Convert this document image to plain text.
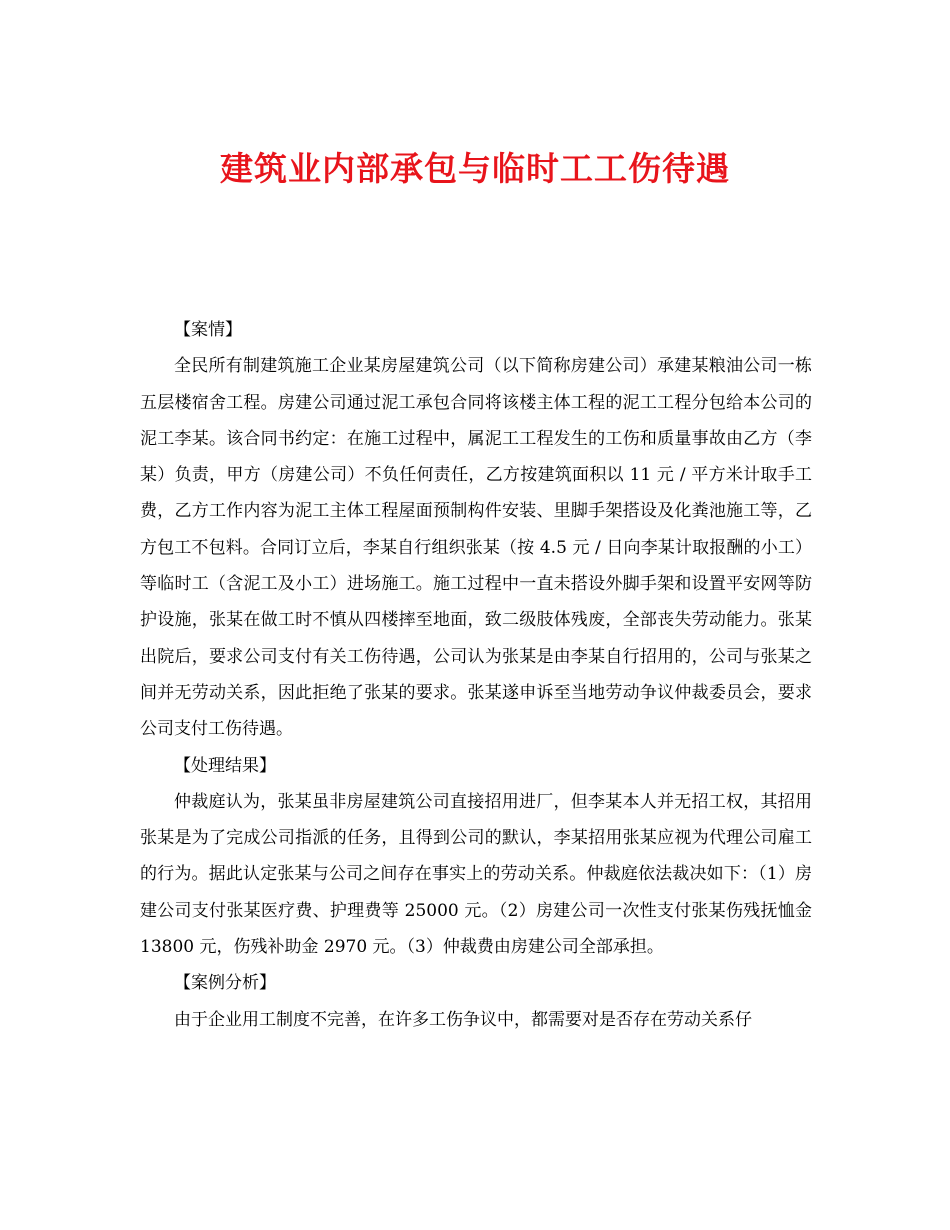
建筑业内部承包与临时工工伤待遇

【案情】

全民所有制建筑施工企业某房屋建筑公司（以下简称房建公司）承建某粮油公司一栋五层楼宿舍工程。房建公司通过泥工承包合同将该楼主体工程的泥工工程分包给本公司的泥工李某。该合同书约定：在施工过程中，属泥工工程发生的工伤和质量事故由乙方（李某）负责，甲方（房建公司）不负任何责任，乙方按建筑面积以 11 元 / 平方米计取手工费，乙方工作内容为泥工主体工程屋面预制构件安装、里脚手架搭设及化粪池施工等，乙方包工不包料。合同订立后，李某自行组织张某（按 4.5 元 / 日向李某计取报酬的小工）等临时工（含泥工及小工）进场施工。施工过程中一直未搭设外脚手架和设置平安网等防护设施，张某在做工时不慎从四楼摔至地面，致二级肢体残废，全部丧失劳动能力。张某出院后，要求公司支付有关工伤待遇，公司认为张某是由李某自行招用的，公司与张某之间并无劳动关系，因此拒绝了张某的要求。张某遂申诉至当地劳动争议仲裁委员会，要求公司支付工伤待遇。

【处理结果】

仲裁庭认为，张某虽非房屋建筑公司直接招用进厂，但李某本人并无招工权，其招用张某是为了完成公司指派的任务，且得到公司的默认，李某招用张某应视为代理公司雇工的行为。据此认定张某与公司之间存在事实上的劳动关系。仲裁庭依法裁决如下：（1）房建公司支付张某医疗费、护理费等 25000 元。（2）房建公司一次性支付张某伤残抚恤金 13800 元，伤残补助金 2970 元。（3）仲裁费由房建公司全部承担。

【案例分析】

由于企业用工制度不完善，在许多工伤争议中，都需要对是否存在劳动关系仔
